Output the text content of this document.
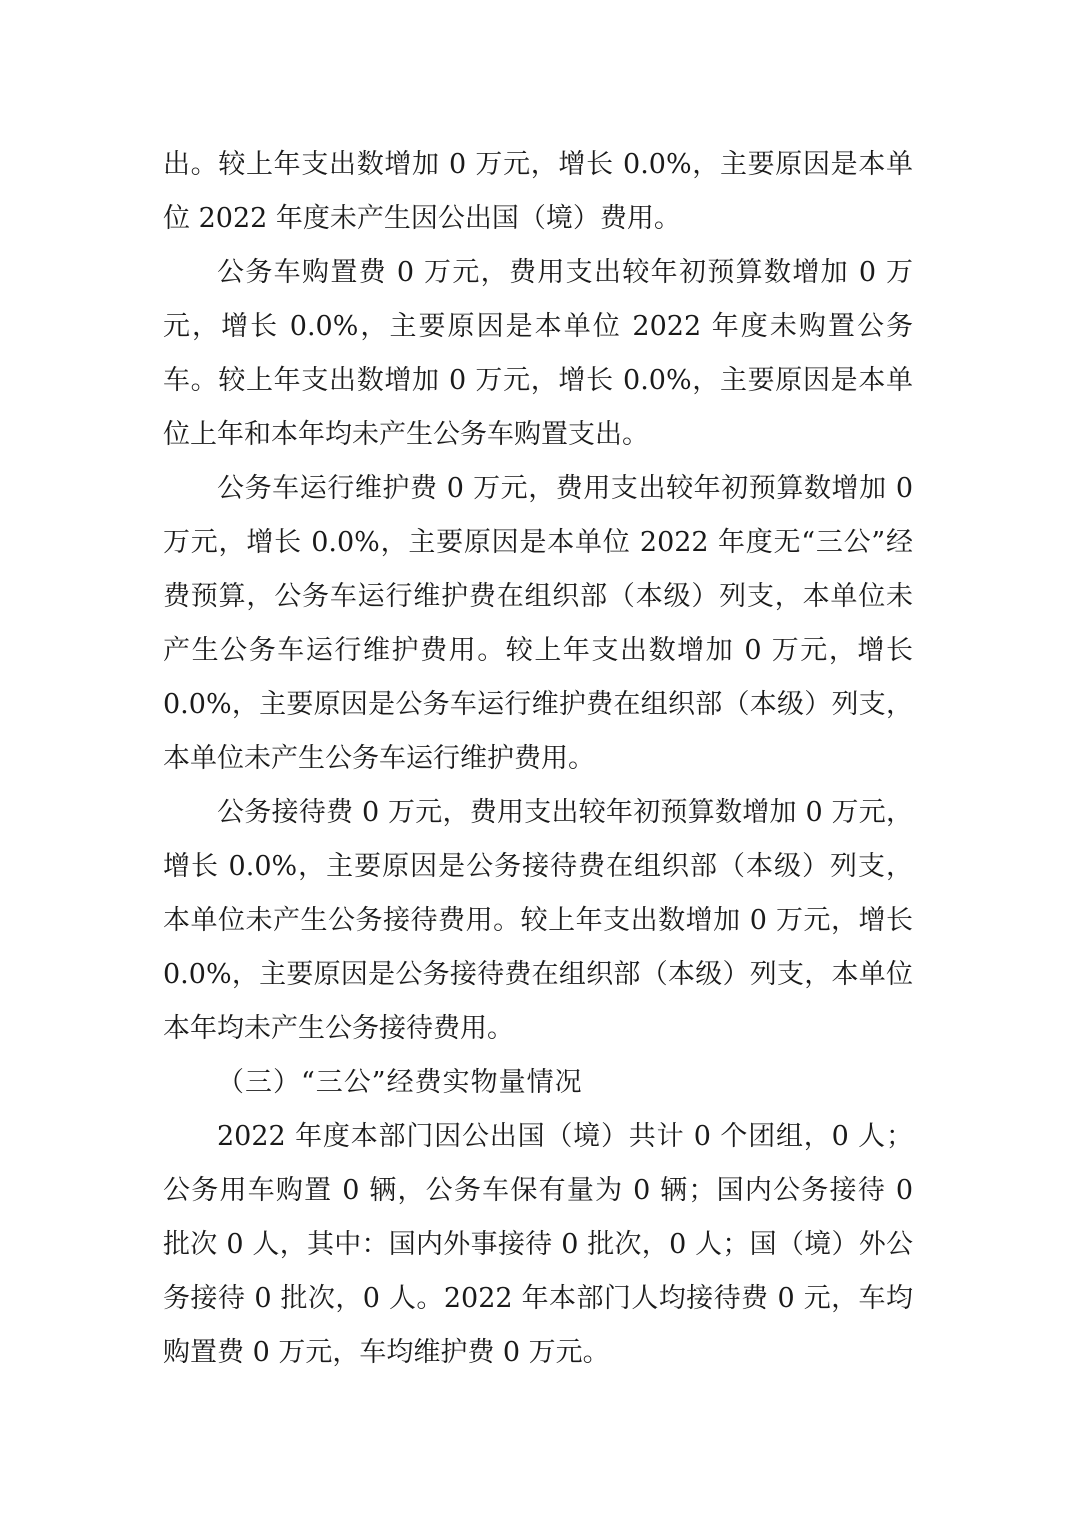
出。较上年支出数增加 0 万元，增长 0.0%，主要原因是本单位 2022 年度未产生因公出国（境）费用。

公务车购置费 0 万元，费用支出较年初预算数增加 0 万元，增长 0.0%，主要原因是本单位 2022 年度未购置公务车。较上年支出数增加 0 万元，增长 0.0%，主要原因是本单位上年和本年均未产生公务车购置支出。

公务车运行维护费 0 万元，费用支出较年初预算数增加 0 万元，增长 0.0%，主要原因是本单位 2022 年度无“三公”经费预算，公务车运行维护费在组织部（本级）列支，本单位未产生公务车运行维护费用。较上年支出数增加 0 万元，增长 0.0%，主要原因是公务车运行维护费在组织部（本级）列支，本单位未产生公务车运行维护费用。

公务接待费 0 万元，费用支出较年初预算数增加 0 万元，增长 0.0%，主要原因是公务接待费在组织部（本级）列支，本单位未产生公务接待费用。较上年支出数增加 0 万元，增长 0.0%，主要原因是公务接待费在组织部（本级）列支，本单位本年均未产生公务接待费用。

（三）“三公”经费实物量情况

2022 年度本部门因公出国（境）共计 0 个团组，0 人；公务用车购置 0 辆，公务车保有量为 0 辆；国内公务接待 0 批次 0 人，其中：国内外事接待 0 批次，0 人；国（境）外公务接待 0 批次，0 人。2022 年本部门人均接待费 0 元，车均购置费 0 万元，车均维护费 0 万元。
